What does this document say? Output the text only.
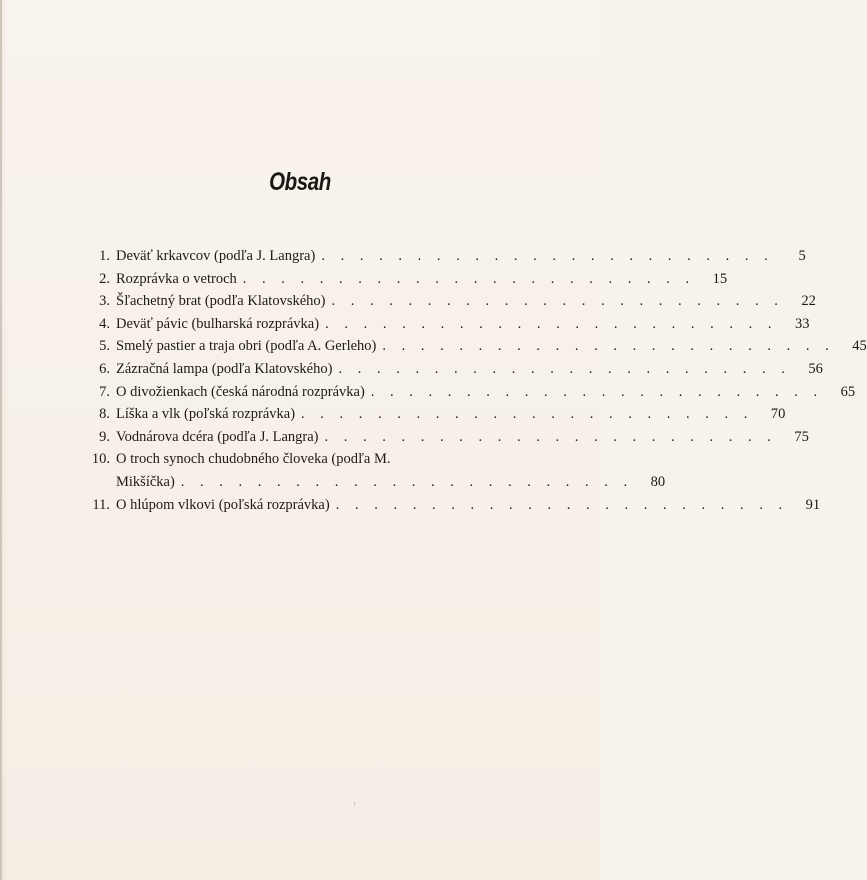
Obsah
1. Deväť krkavcov (podľa J. Langra) . . . . . . . . . . . . . . . . . . . . . . . .	5
2. Rozprávka o vetroch . . . . . . . . . . . . . . . . . . . . . . . .	15
3. Šľachetný brat (podľa Klatovského) . . . . . . . . . . . . . . . . . . . . . . . .	22
4. Deväť pávic (bulharská rozprávka) . . . . . . . . . . . . . . . . . . . . . . . .	33
5. Smelý pastier a traja obri (podľa A. Gerleho) . . . . . . . . . . . . . . . . . . . . . . . .	45
6. Zázračná lampa (podľa Klatovského) . . . . . . . . . . . . . . . . . . . . . . . .	56
7. O divožienkach (česká národná rozprávka) . . . . . . . . . . . . . . . . . . . . . . . .	65
8. Líška a vlk (poľská rozprávka) . . . . . . . . . . . . . . . . . . . . . . . .	70
9. Vodnárova dcéra (podľa J. Langra) . . . . . . . . . . . . . . . . . . . . . . . .	75
10. O troch synoch chudobného človeka (podľa M.
Mikšíčka) . . . . . . . . . . . . . . . . . . . . . . . .	80
11. O hlúpom vlkovi (poľská rozprávka) . . . . . . . . . . . . . . . . . . . . . . . .	91
›
